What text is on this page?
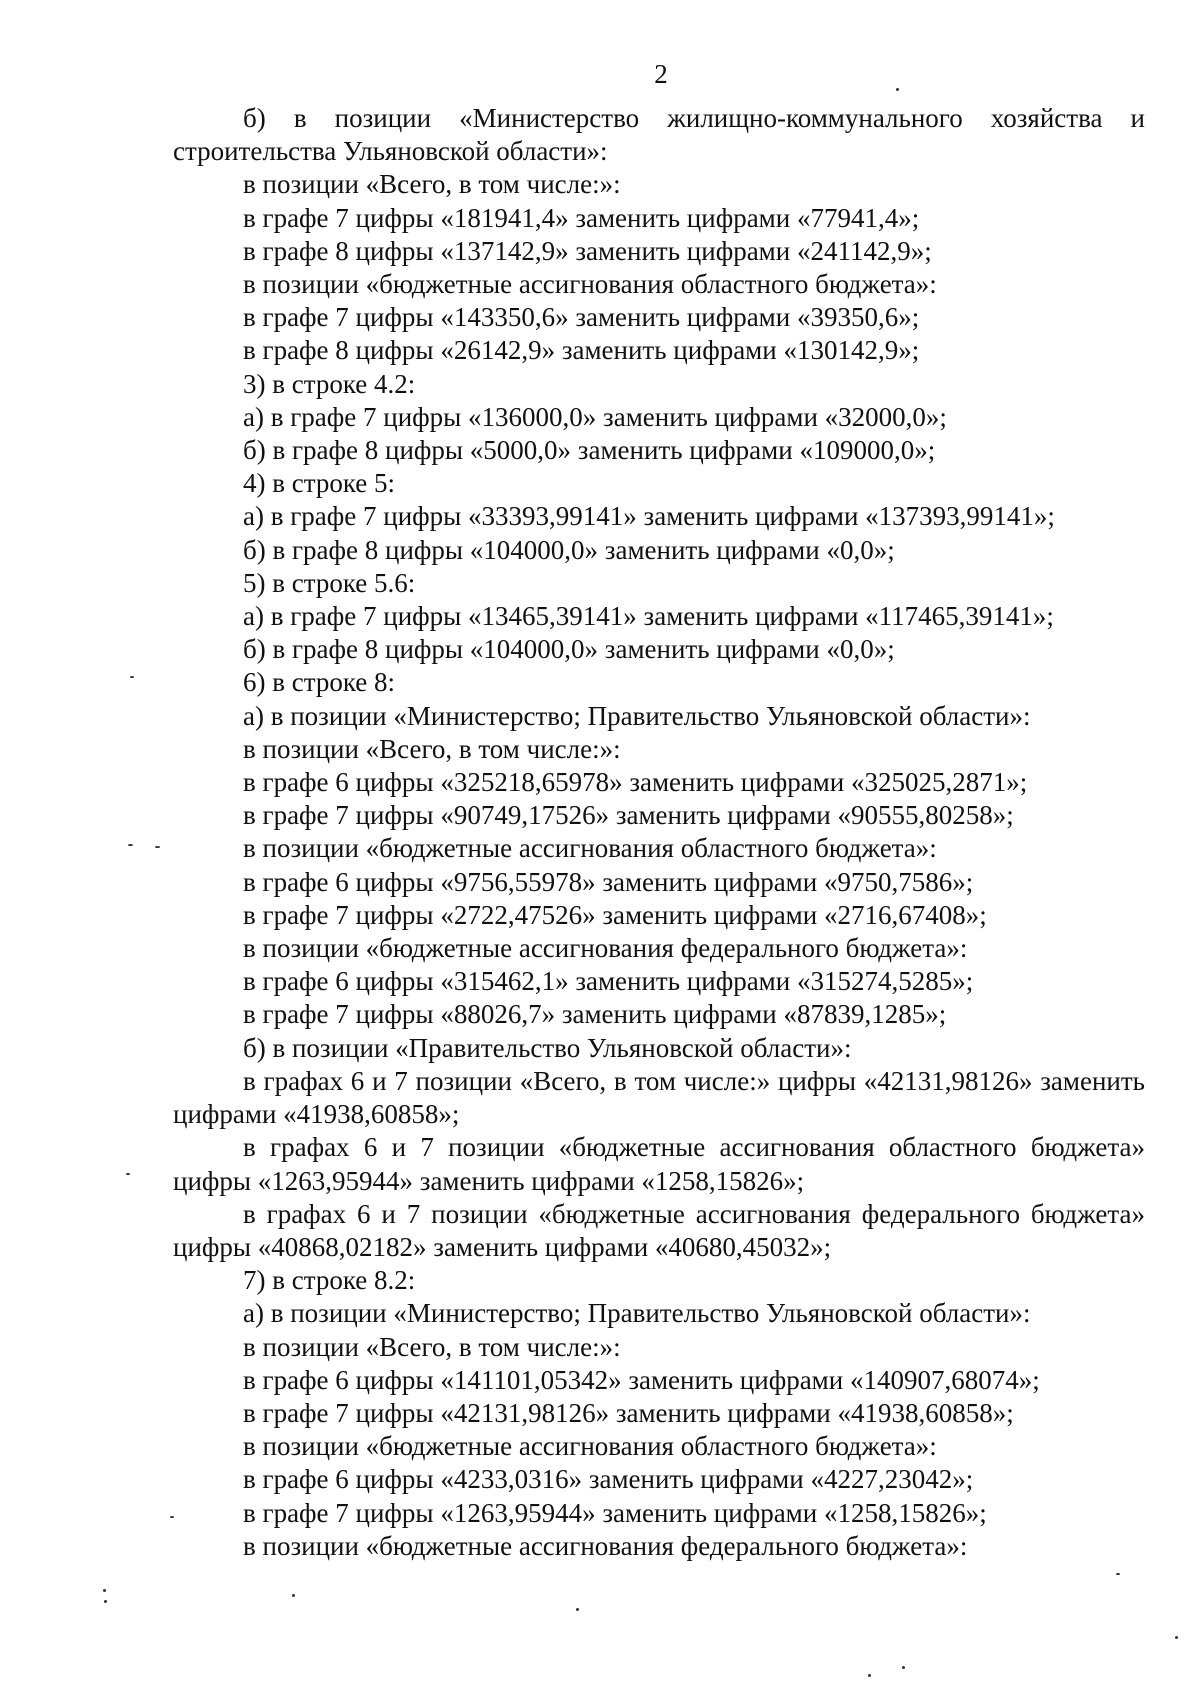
2

б) в позиции «Министерство жилищно-коммунального хозяйства и строительства Ульяновской области»:

в позиции «Всего, в том числе:»:

в графе 7 цифры «181941,4» заменить цифрами «77941,4»;

в графе 8 цифры «137142,9» заменить цифрами «241142,9»;

в позиции «бюджетные ассигнования областного бюджета»:

в графе 7 цифры «143350,6» заменить цифрами «39350,6»;

в графе 8 цифры «26142,9» заменить цифрами «130142,9»;

3) в строке 4.2:

а) в графе 7 цифры «136000,0» заменить цифрами «32000,0»;

б) в графе 8 цифры «5000,0» заменить цифрами «109000,0»;

4) в строке 5:

а) в графе 7 цифры «33393,99141» заменить цифрами «137393,99141»;

б) в графе 8 цифры «104000,0» заменить цифрами «0,0»;

5) в строке 5.6:

а) в графе 7 цифры «13465,39141» заменить цифрами «117465,39141»;

б) в графе 8 цифры «104000,0» заменить цифрами «0,0»;

6) в строке 8:

а) в позиции «Министерство; Правительство Ульяновской области»:

в позиции «Всего, в том числе:»:

в графе 6 цифры «325218,65978» заменить цифрами «325025,2871»;

в графе 7 цифры «90749,17526» заменить цифрами «90555,80258»;

в позиции «бюджетные ассигнования областного бюджета»:

в графе 6 цифры «9756,55978» заменить цифрами «9750,7586»;

в графе 7 цифры «2722,47526» заменить цифрами «2716,67408»;

в позиции «бюджетные ассигнования федерального бюджета»:

в графе 6 цифры «315462,1» заменить цифрами «315274,5285»;

в графе 7 цифры «88026,7» заменить цифрами «87839,1285»;

б) в позиции «Правительство Ульяновской области»:

в графах 6 и 7 позиции «Всего, в том числе:» цифры «42131,98126» заменить цифрами «41938,60858»;

в графах 6 и 7 позиции «бюджетные ассигнования областного бюджета» цифры «1263,95944» заменить цифрами «1258,15826»;

в графах 6 и 7 позиции «бюджетные ассигнования федерального бюджета» цифры «40868,02182» заменить цифрами «40680,45032»;

7) в строке 8.2:

а) в позиции «Министерство; Правительство Ульяновской области»:

в позиции «Всего, в том числе:»:

в графе 6 цифры «141101,05342» заменить цифрами «140907,68074»;

в графе 7 цифры «42131,98126» заменить цифрами «41938,60858»;

в позиции «бюджетные ассигнования областного бюджета»:

в графе 6 цифры «4233,0316» заменить цифрами «4227,23042»;

в графе 7 цифры «1263,95944» заменить цифрами «1258,15826»;

в позиции «бюджетные ассигнования федерального бюджета»:
